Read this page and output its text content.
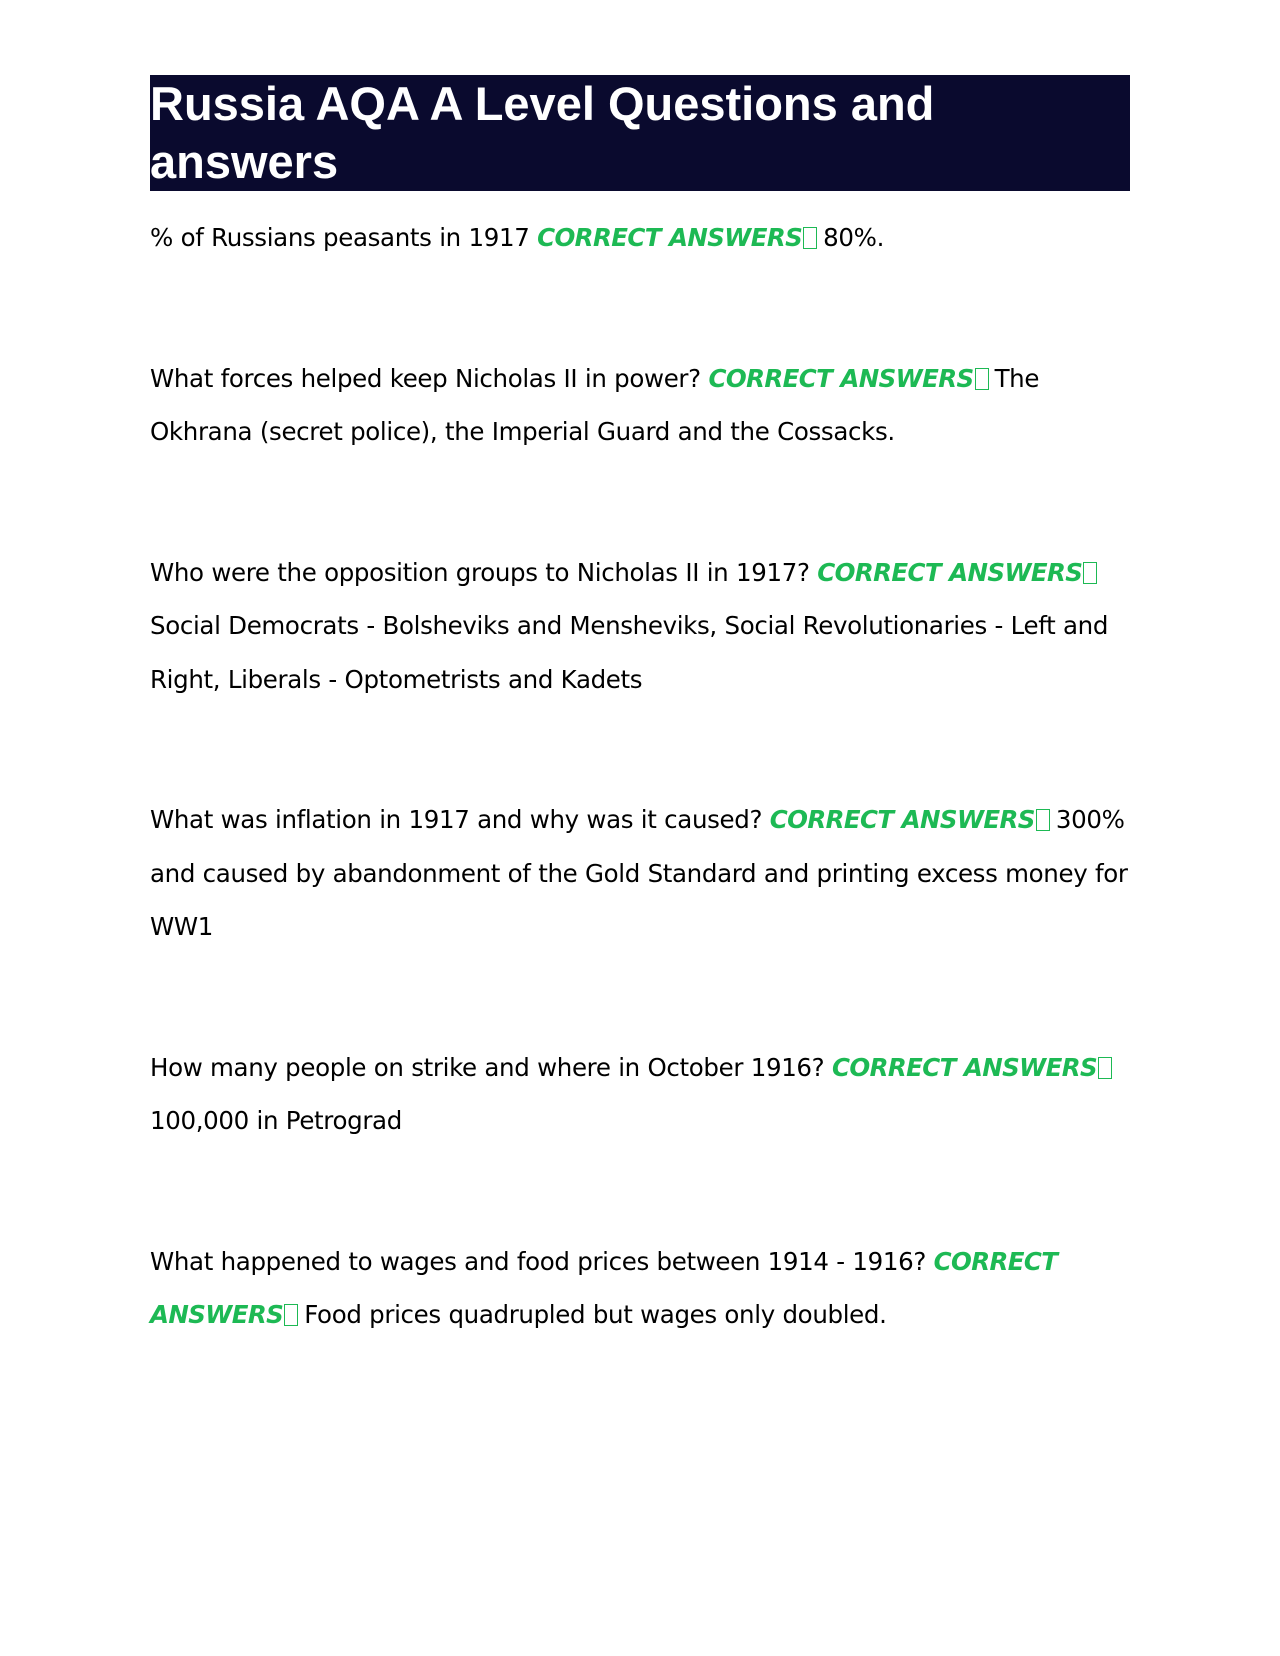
Russia AQA A Level Questions and answers

% of Russians peasants in 1917 CORRECT ANSWERS 80%.

What forces helped keep Nicholas II in power? CORRECT ANSWERS The Okhrana (secret police), the Imperial Guard and the Cossacks.

Who were the opposition groups to Nicholas II in 1917? CORRECT ANSWERSSocial Democrats - Bolsheviks and Mensheviks, Social Revolutionaries - Left and Right, Liberals - Optometrists and Kadets

What was inflation in 1917 and why was it caused? CORRECT ANSWERS 300% and caused by abandonment of the Gold Standard and printing excess money for WW1

How many people on strike and where in October 1916? CORRECT ANSWERS100,000 in Petrograd

What happened to wages and food prices between 1914 - 1916? CORRECT ANSWERS Food prices quadrupled but wages only doubled.
